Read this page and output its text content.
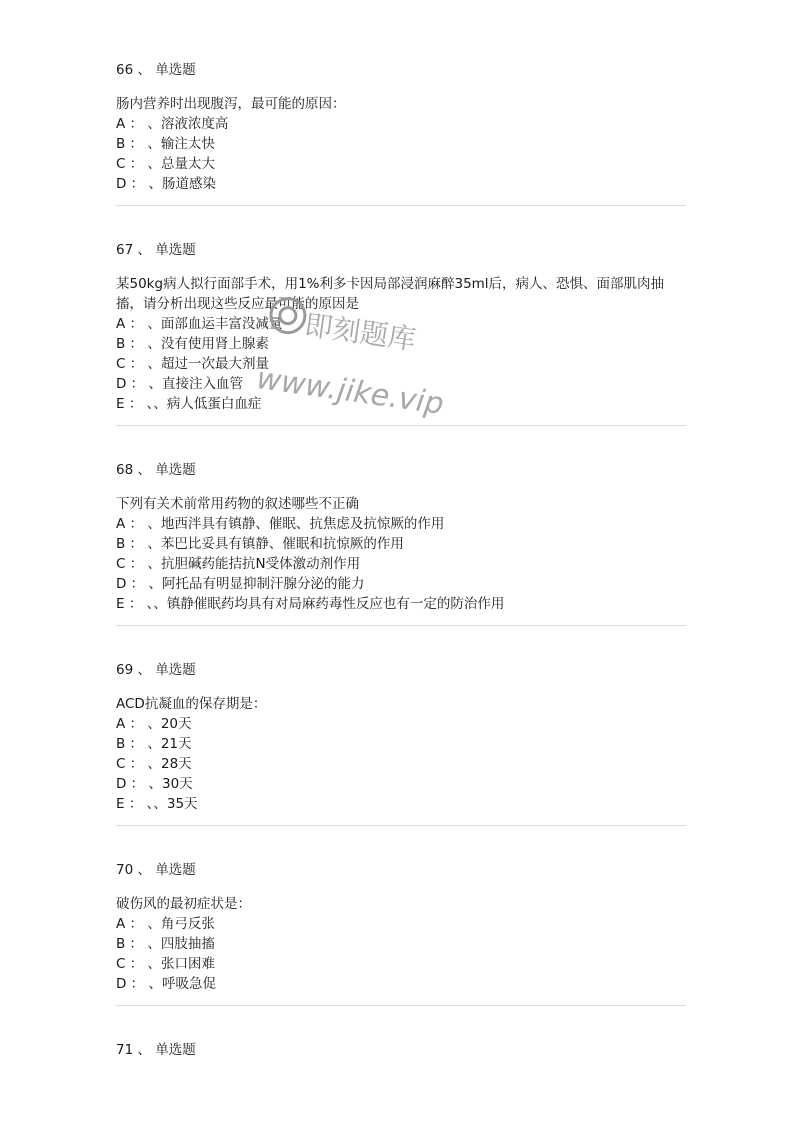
66 、 单选题
肠内营养时出现腹泻，最可能的原因：
A ： 、溶液浓度高
B ： 、输注太快
C ： 、总量太大
D ： 、肠道感染
67 、 单选题
某50kg病人拟行面部手术，用1%利多卡因局部浸润麻醉35ml后，病人、恐惧、面部肌肉抽搐，请分析出现这些反应最可能的原因是
A ： 、面部血运丰富没减量
B ： 、没有使用肾上腺素
C ： 、超过一次最大剂量
D ： 、直接注入血管
E ： 、、病人低蛋白血症
68 、 单选题
下列有关术前常用药物的叙述哪些不正确
A ： 、地西泮具有镇静、催眠、抗焦虑及抗惊厥的作用
B ： 、苯巴比妥具有镇静、催眠和抗惊厥的作用
C ： 、抗胆碱药能拮抗N受体激动剂作用
D ： 、阿托品有明显抑制汗腺分泌的能力
E ： 、、镇静催眠药均具有对局麻药毒性反应也有一定的防治作用
69 、 单选题
ACD抗凝血的保存期是：
A ： 、20天
B ： 、21天
C ： 、28天
D ： 、30天
E ： 、、35天
70 、 单选题
破伤风的最初症状是：
A ： 、角弓反张
B ： 、四肢抽搐
C ： 、张口困难
D ： 、呼吸急促
71 、 单选题
即刻题库
www.jike.vip
